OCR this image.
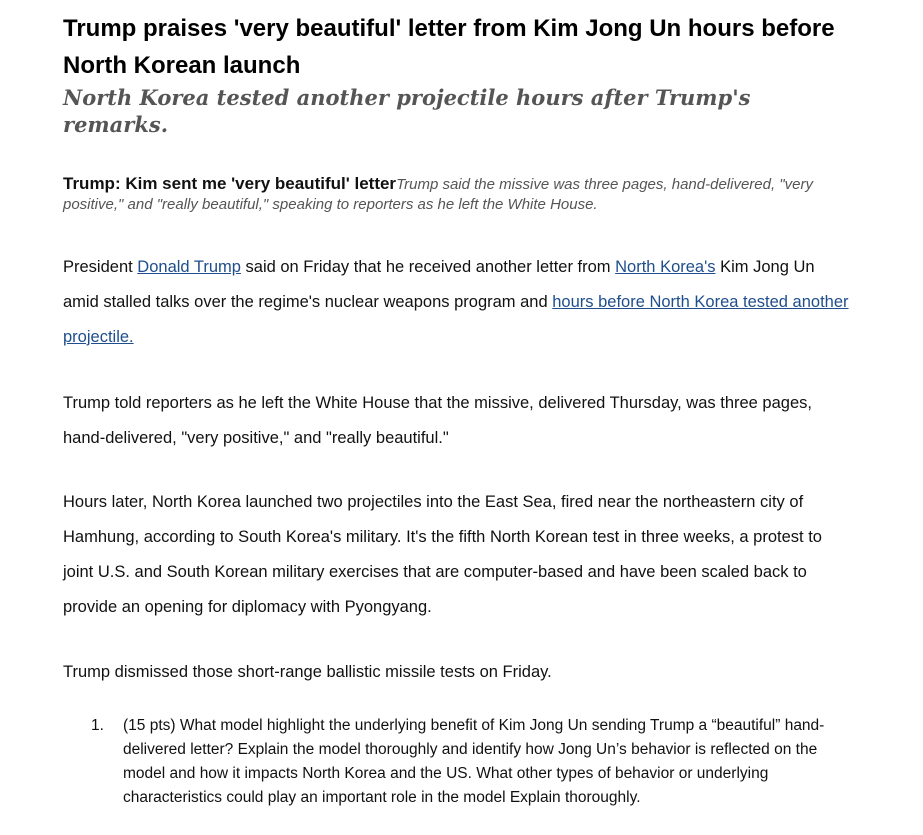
Trump praises 'very beautiful' letter from Kim Jong Un hours before North Korean launch
North Korea tested another projectile hours after Trump's remarks.

Trump: Kim sent me 'very beautiful' letterTrump said the missive was three pages, hand-delivered, "very positive," and "really beautiful," speaking to reporters as he left the White House.

President Donald Trump said on Friday that he received another letter from North Korea's Kim Jong Un amid stalled talks over the regime's nuclear weapons program and hours before North Korea tested another projectile.

Trump told reporters as he left the White House that the missive, delivered Thursday, was three pages, hand-delivered, "very positive," and "really beautiful."

Hours later, North Korea launched two projectiles into the East Sea, fired near the northeastern city of Hamhung, according to South Korea's military. It's the fifth North Korean test in three weeks, a protest to joint U.S. and South Korean military exercises that are computer-based and have been scaled back to provide an opening for diplomacy with Pyongyang.

Trump dismissed those short-range ballistic missile tests on Friday.

1.	(15 pts) What model highlight the underlying benefit of Kim Jong Un sending Trump a “beautiful” hand-delivered letter? Explain the model thoroughly and identify how Jong Un’s behavior is reflected on the model and how it impacts North Korea and the US. What other types of behavior or underlying characteristics could play an important role in the model Explain thoroughly.
